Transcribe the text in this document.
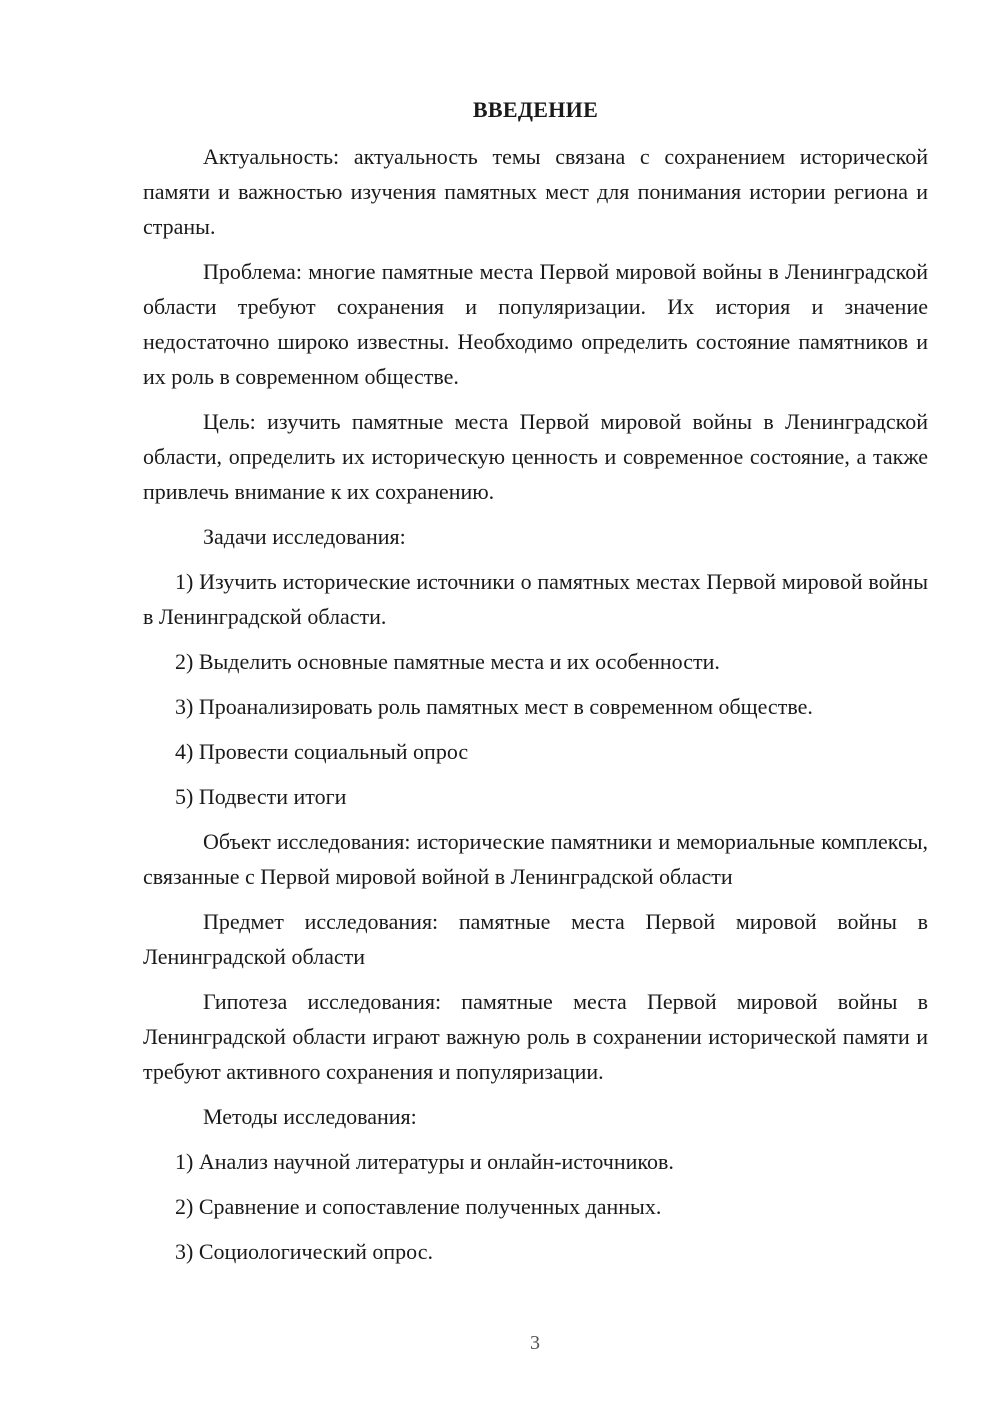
ВВЕДЕНИЕ

Актуальность: актуальность темы связана с сохранением исторической памяти и важностью изучения памятных мест для понимания истории региона и страны.

Проблема: многие памятные места Первой мировой войны в Ленинградской области требуют сохранения и популяризации. Их история и значение недостаточно широко известны. Необходимо определить состояние памятников и их роль в современном обществе.

Цель: изучить памятные места Первой мировой войны в Ленинградской области, определить их историческую ценность и современное состояние, а также привлечь внимание к их сохранению.

Задачи исследования:

1) Изучить исторические источники о памятных местах Первой мировой войны в Ленинградской области.

2) Выделить основные памятные места и их особенности.

3) Проанализировать роль памятных мест в современном обществе.

4) Провести социальный опрос

5) Подвести итоги

Объект исследования: исторические памятники и мемориальные комплексы, связанные с Первой мировой войной в Ленинградской области

Предмет исследования: памятные места Первой мировой войны в Ленинградской области

Гипотеза исследования: памятные места Первой мировой войны в Ленинградской области играют важную роль в сохранении исторической памяти и требуют активного сохранения и популяризации.

Методы исследования:

1) Анализ научной литературы и онлайн-источников.

2) Сравнение и сопоставление полученных данных.

3) Социологический опрос.

3
